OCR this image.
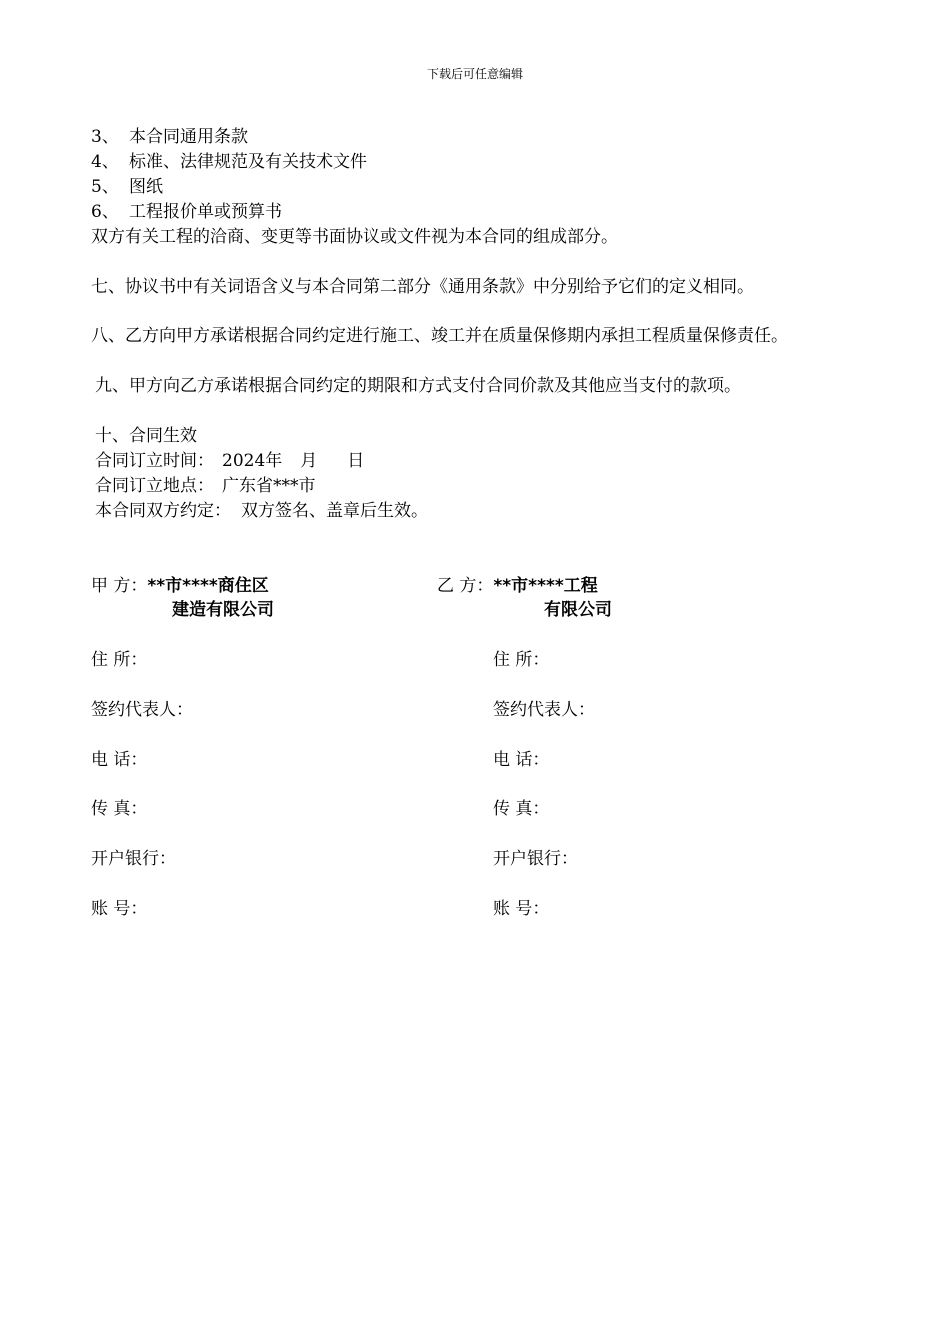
下载后可任意编辑
3、 本合同通用条款
4、 标准、法律规范及有关技术文件
5、 图纸
6、 工程报价单或预算书
双方有关工程的洽商、变更等书面协议或文件视为本合同的组成部分。
七、协议书中有关词语含义与本合同第二部分《通用条款》中分别给予它们的定义相同。
八、乙方向甲方承诺根据合同约定进行施工、竣工并在质量保修期内承担工程质量保修责任。
九、甲方向乙方承诺根据合同约定的期限和方式支付合同价款及其他应当支付的款项。
十、合同生效
合同订立时间： 2024年 月 日
合同订立地点： 广东省***市
本合同双方约定： 双方签名、盖章后生效。
甲 方：**市****商住区
建造有限公司
乙 方：**市****工程
有限公司
住 所：
签约代表人：
电 话：
传 真：
开户银行：
账 号：
住 所：
签约代表人：
电 话：
传 真：
开户银行：
账 号：
